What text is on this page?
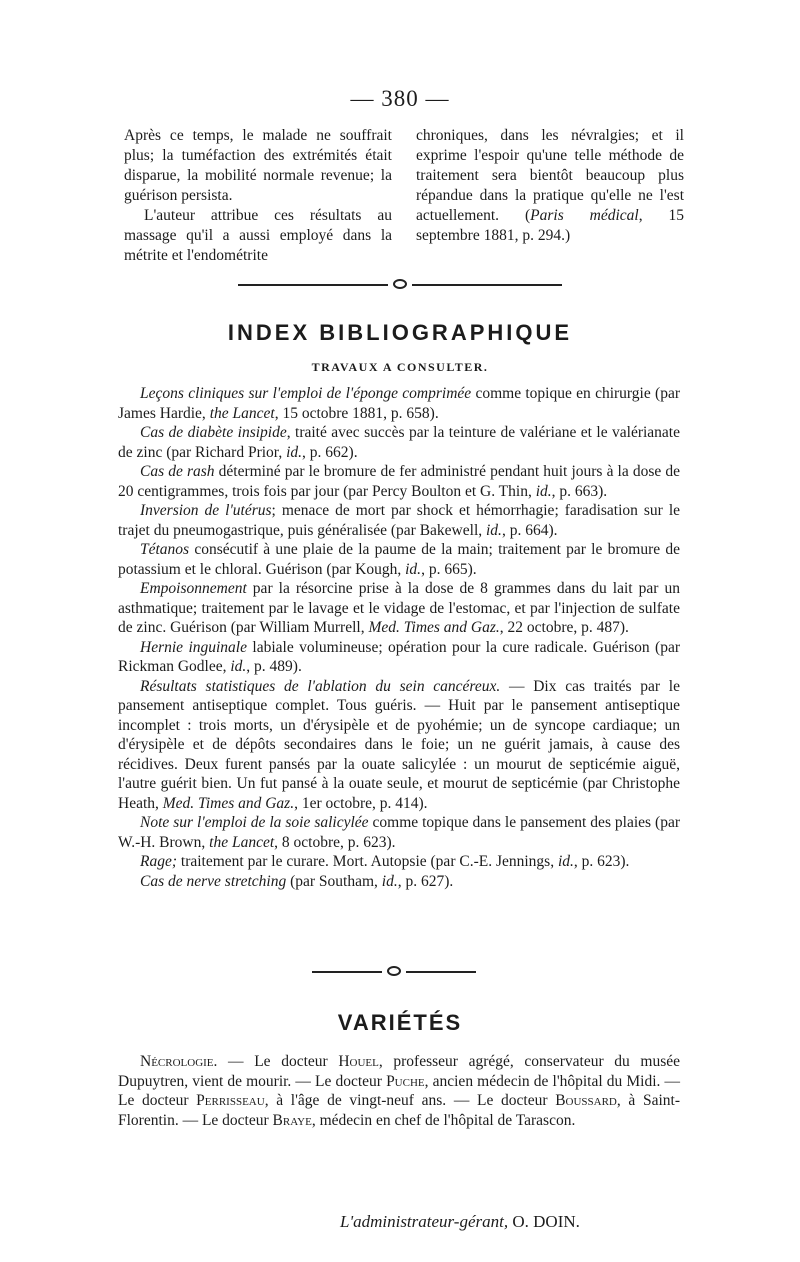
— 380 —

Après ce temps, le malade ne souffrait plus; la tuméfaction des extrémités était disparue, la mobilité normale revenue; la guérison persista.

L'auteur attribue ces résultats au massage qu'il a aussi employé dans la métrite et l'endométrite

chroniques, dans les névralgies; et il exprime l'espoir qu'une telle méthode de traitement sera bientôt beaucoup plus répandue dans la pratique qu'elle ne l'est actuellement. (Paris médical, 15 septembre 1881, p. 294.)

INDEX BIBLIOGRAPHIQUE
TRAVAUX A CONSULTER.

Leçons cliniques sur l'emploi de l'éponge comprimée comme topique en chirurgie (par James Hardie, the Lancet, 15 octobre 1881, p. 658).

Cas de diabète insipide, traité avec succès par la teinture de valériane et le valérianate de zinc (par Richard Prior, id., p. 662).

Cas de rash déterminé par le bromure de fer administré pendant huit jours à la dose de 20 centigrammes, trois fois par jour (par Percy Boulton et G. Thin, id., p. 663).

Inversion de l'utérus; menace de mort par shock et hémorrhagie; faradisation sur le trajet du pneumogastrique, puis généralisée (par Bakewell, id., p. 664).

Tétanos consécutif à une plaie de la paume de la main; traitement par le bromure de potassium et le chloral. Guérison (par Kough, id., p. 665).

Empoisonnement par la résorcine prise à la dose de 8 grammes dans du lait par un asthmatique; traitement par le lavage et le vidage de l'estomac, et par l'injection de sulfate de zinc. Guérison (par William Murrell, Med. Times and Gaz., 22 octobre, p. 487).

Hernie inguinale labiale volumineuse; opération pour la cure radicale. Guérison (par Rickman Godlee, id., p. 489).

Résultats statistiques de l'ablation du sein cancéreux. — Dix cas traités par le pansement antiseptique complet. Tous guéris. — Huit par le pansement antiseptique incomplet : trois morts, un d'érysipèle et de pyohémie; un de syncope cardiaque; un d'érysipèle et de dépôts secondaires dans le foie; un ne guérit jamais, à cause des récidives. Deux furent pansés par la ouate salicylée : un mourut de septicémie aiguë, l'autre guérit bien. Un fut pansé à la ouate seule, et mourut de septicémie (par Christophe Heath, Med. Times and Gaz., 1er octobre, p. 414).

Note sur l'emploi de la soie salicylée comme topique dans le pansement des plaies (par W.-H. Brown, the Lancet, 8 octobre, p. 623).

Rage; traitement par le curare. Mort. Autopsie (par C.-E. Jennings, id., p. 623).

Cas de nerve stretching (par Southam, id., p. 627).

VARIÉTÉS

Nécrologie. — Le docteur Houel, professeur agrégé, conservateur du musée Dupuytren, vient de mourir. — Le docteur Puche, ancien médecin de l'hôpital du Midi. — Le docteur Perrisseau, à l'âge de vingt-neuf ans. — Le docteur Boussard, à Saint-Florentin. — Le docteur Braye, médecin en chef de l'hôpital de Tarascon.

L'administrateur-gérant, O. DOIN.
